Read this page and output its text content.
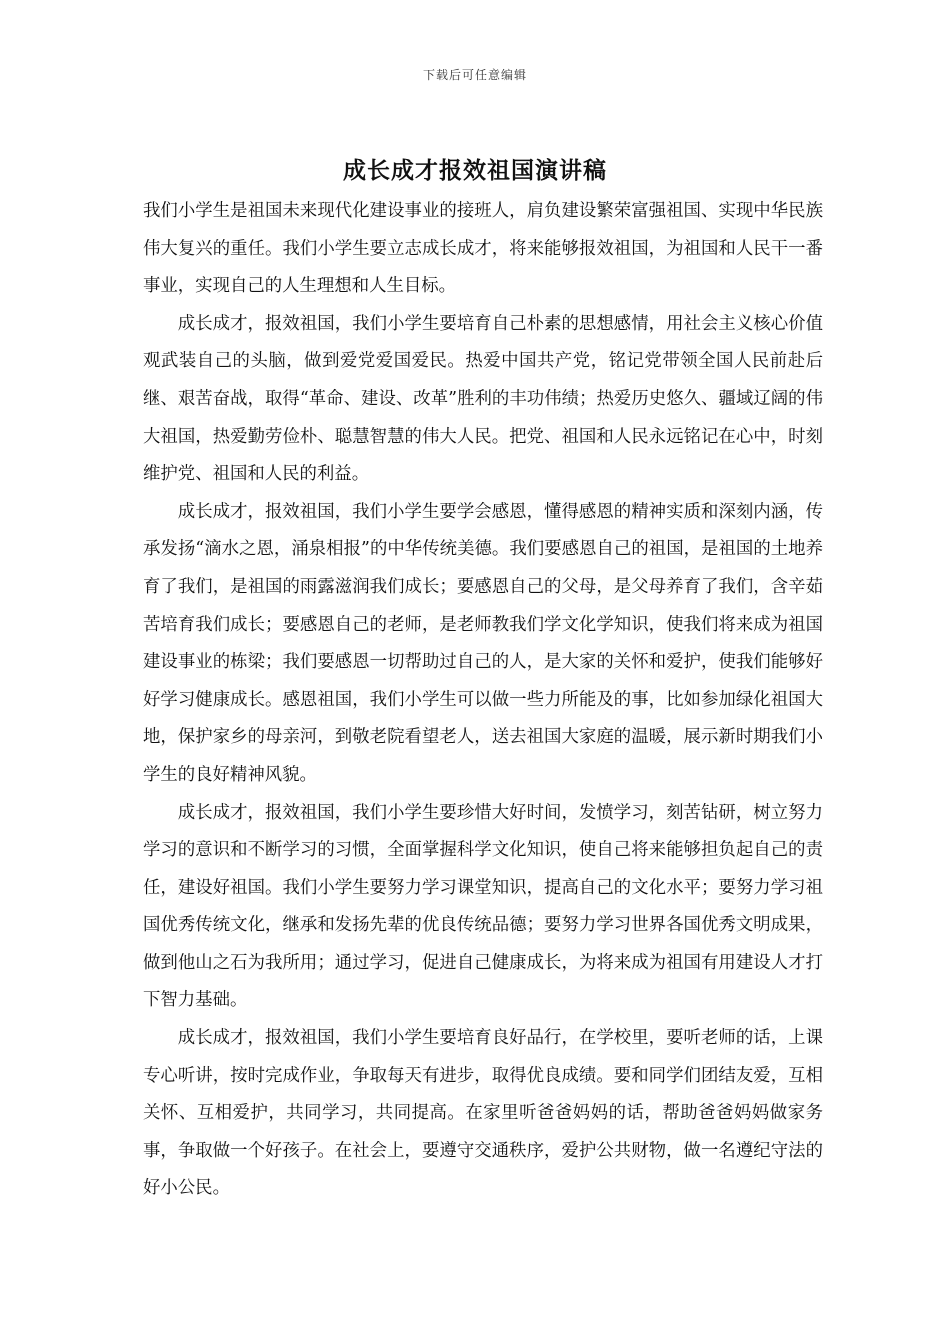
下载后可任意编辑
成长成才报效祖国演讲稿

我们小学生是祖国未来现代化建设事业的接班人，肩负建设繁荣富强祖国、实现中华民族伟大复兴的重任。我们小学生要立志成长成才，将来能够报效祖国，为祖国和人民干一番事业，实现自己的人生理想和人生目标。

成长成才，报效祖国，我们小学生要培育自己朴素的思想感情，用社会主义核心价值观武装自己的头脑，做到爱党爱国爱民。热爱中国共产党，铭记党带领全国人民前赴后继、艰苦奋战，取得“革命、建设、改革”胜利的丰功伟绩；热爱历史悠久、疆域辽阔的伟大祖国，热爱勤劳俭朴、聪慧智慧的伟大人民。把党、祖国和人民永远铭记在心中，时刻维护党、祖国和人民的利益。

成长成才，报效祖国，我们小学生要学会感恩，懂得感恩的精神实质和深刻内涵，传承发扬“滴水之恩，涌泉相报”的中华传统美德。我们要感恩自己的祖国，是祖国的土地养育了我们，是祖国的雨露滋润我们成长；要感恩自己的父母，是父母养育了我们，含辛茹苦培育我们成长；要感恩自己的老师，是老师教我们学文化学知识，使我们将来成为祖国建设事业的栋梁；我们要感恩一切帮助过自己的人，是大家的关怀和爱护，使我们能够好好学习健康成长。感恩祖国，我们小学生可以做一些力所能及的事，比如参加绿化祖国大地，保护家乡的母亲河，到敬老院看望老人，送去祖国大家庭的温暖，展示新时期我们小学生的良好精神风貌。

成长成才，报效祖国，我们小学生要珍惜大好时间，发愤学习，刻苦钻研，树立努力学习的意识和不断学习的习惯，全面掌握科学文化知识，使自己将来能够担负起自己的责任，建设好祖国。我们小学生要努力学习课堂知识，提高自己的文化水平；要努力学习祖国优秀传统文化，继承和发扬先辈的优良传统品德；要努力学习世界各国优秀文明成果，做到他山之石为我所用；通过学习，促进自己健康成长，为将来成为祖国有用建设人才打下智力基础。

成长成才，报效祖国，我们小学生要培育良好品行，在学校里，要听老师的话，上课专心听讲，按时完成作业，争取每天有进步，取得优良成绩。要和同学们团结友爱，互相关怀、互相爱护，共同学习，共同提高。在家里听爸爸妈妈的话，帮助爸爸妈妈做家务事，争取做一个好孩子。在社会上，要遵守交通秩序，爱护公共财物，做一名遵纪守法的好小公民。
